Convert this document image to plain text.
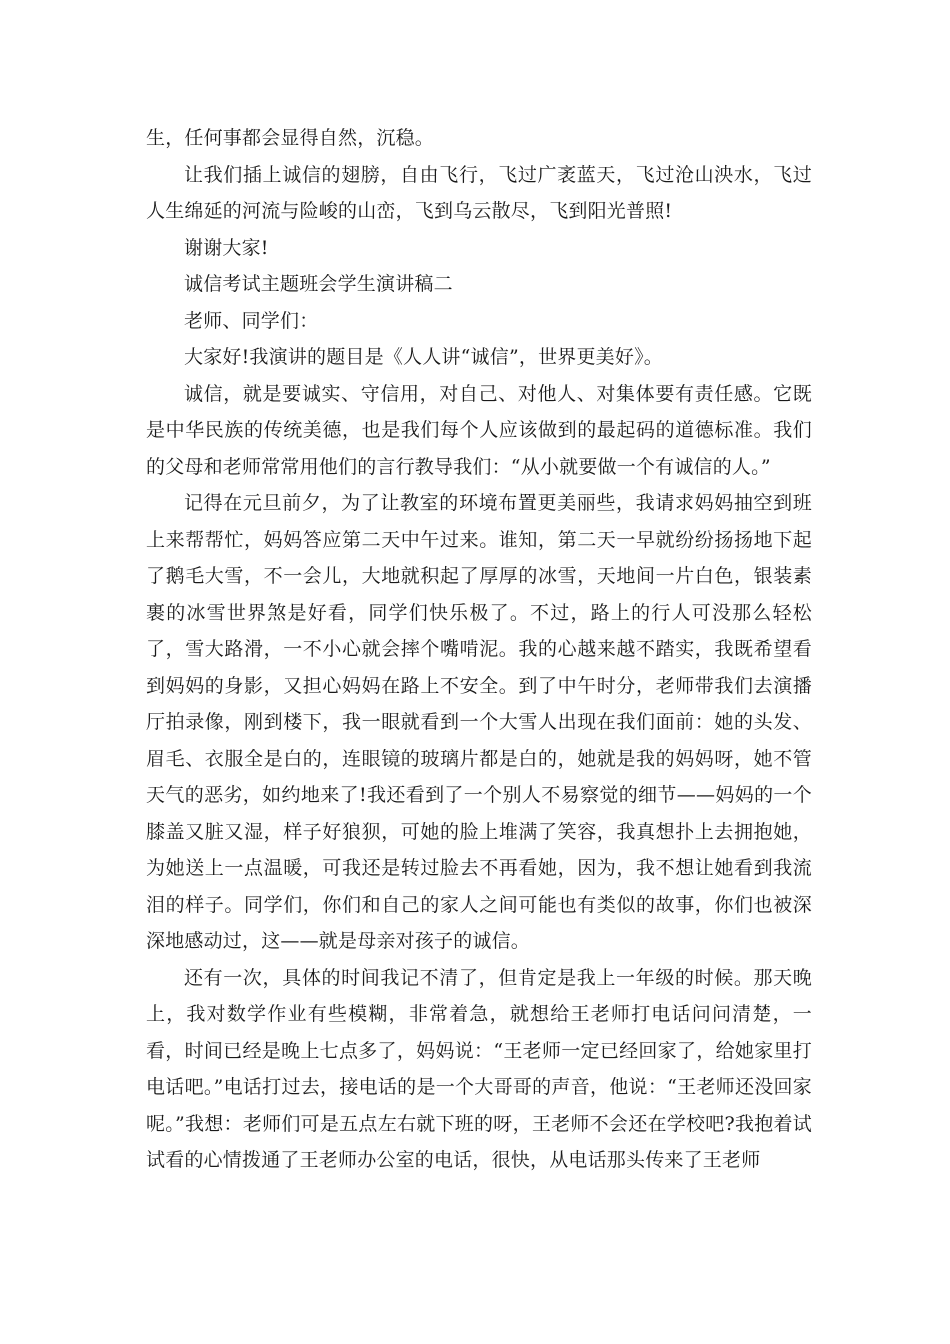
生，任何事都会显得自然，沉稳。

让我们插上诚信的翅膀，自由飞行，飞过广袤蓝天，飞过沧山泱水，飞过人生绵延的河流与险峻的山峦，飞到乌云散尽，飞到阳光普照!

谢谢大家!

诚信考试主题班会学生演讲稿二

老师、同学们：

大家好!我演讲的题目是《人人讲“诚信”，世界更美好》。

诚信，就是要诚实、守信用，对自己、对他人、对集体要有责任感。它既是中华民族的传统美德，也是我们每个人应该做到的最起码的道德标准。我们的父母和老师常常用他们的言行教导我们：“从小就要做一个有诚信的人。”

记得在元旦前夕，为了让教室的环境布置更美丽些，我请求妈妈抽空到班上来帮帮忙，妈妈答应第二天中午过来。谁知，第二天一早就纷纷扬扬地下起了鹅毛大雪，不一会儿，大地就积起了厚厚的冰雪，天地间一片白色，银装素裹的冰雪世界煞是好看，同学们快乐极了。不过，路上的行人可没那么轻松了，雪大路滑，一不小心就会摔个嘴啃泥。我的心越来越不踏实，我既希望看到妈妈的身影，又担心妈妈在路上不安全。到了中午时分，老师带我们去演播厅拍录像，刚到楼下，我一眼就看到一个大雪人出现在我们面前：她的头发、眉毛、衣服全是白的，连眼镜的玻璃片都是白的，她就是我的妈妈呀，她不管天气的恶劣，如约地来了!我还看到了一个别人不易察觉的细节——妈妈的一个膝盖又脏又湿，样子好狼狈，可她的脸上堆满了笑容，我真想扑上去拥抱她，为她送上一点温暖，可我还是转过脸去不再看她，因为，我不想让她看到我流泪的样子。同学们，你们和自己的家人之间可能也有类似的故事，你们也被深深地感动过，这——就是母亲对孩子的诚信。

还有一次，具体的时间我记不清了，但肯定是我上一年级的时候。那天晚上，我对数学作业有些模糊，非常着急，就想给王老师打电话问问清楚，一看，时间已经是晚上七点多了，妈妈说：“王老师一定已经回家了，给她家里打电话吧。”电话打过去，接电话的是一个大哥哥的声音，他说：“王老师还没回家呢。”我想：老师们可是五点左右就下班的呀，王老师不会还在学校吧?我抱着试试看的心情拨通了王老师办公室的电话，很快，从电话那头传来了王老师
